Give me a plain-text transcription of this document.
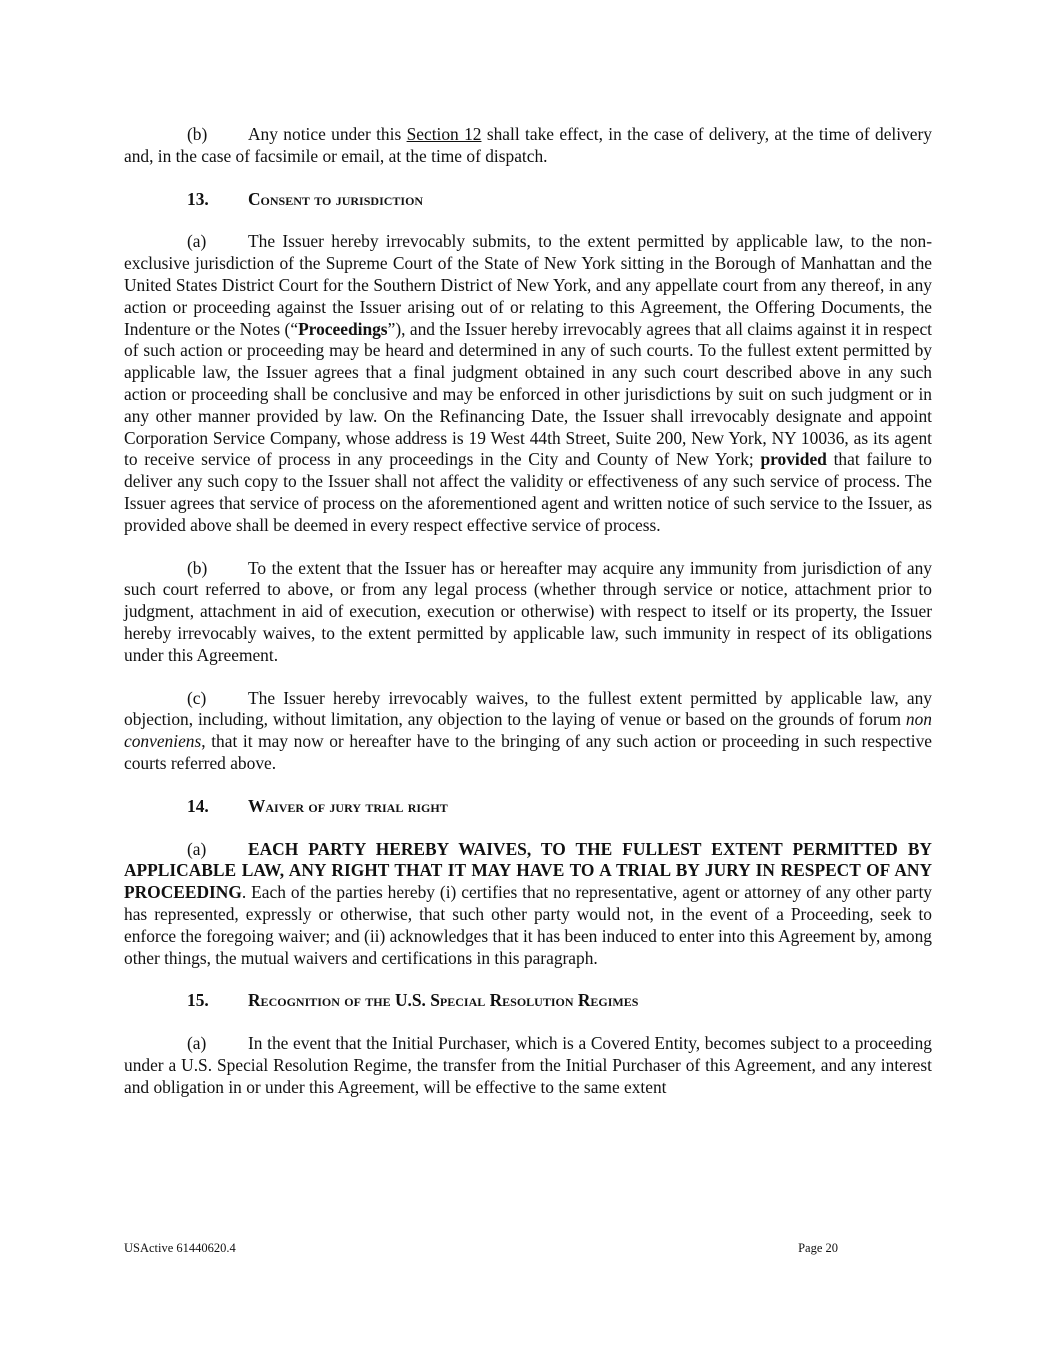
(b) Any notice under this Section 12 shall take effect, in the case of delivery, at the time of delivery and, in the case of facsimile or email, at the time of dispatch.

13. Consent to jurisdiction

(a) The Issuer hereby irrevocably submits, to the extent permitted by applicable law, to the non-exclusive jurisdiction of the Supreme Court of the State of New York sitting in the Borough of Manhattan and the United States District Court for the Southern District of New York, and any appellate court from any thereof, in any action or proceeding against the Issuer arising out of or relating to this Agreement, the Offering Documents, the Indenture or the Notes (“Proceedings”), and the Issuer hereby irrevocably agrees that all claims against it in respect of such action or proceeding may be heard and determined in any of such courts. To the fullest extent permitted by applicable law, the Issuer agrees that a final judgment obtained in any such court described above in any such action or proceeding shall be conclusive and may be enforced in other jurisdictions by suit on such judgment or in any other manner provided by law. On the Refinancing Date, the Issuer shall irrevocably designate and appoint Corporation Service Company, whose address is 19 West 44th Street, Suite 200, New York, NY 10036, as its agent to receive service of process in any proceedings in the City and County of New York; provided that failure to deliver any such copy to the Issuer shall not affect the validity or effectiveness of any such service of process. The Issuer agrees that service of process on the aforementioned agent and written notice of such service to the Issuer, as provided above shall be deemed in every respect effective service of process.

(b) To the extent that the Issuer has or hereafter may acquire any immunity from jurisdiction of any such court referred to above, or from any legal process (whether through service or notice, attachment prior to judgment, attachment in aid of execution, execution or otherwise) with respect to itself or its property, the Issuer hereby irrevocably waives, to the extent permitted by applicable law, such immunity in respect of its obligations under this Agreement.

(c) The Issuer hereby irrevocably waives, to the fullest extent permitted by applicable law, any objection, including, without limitation, any objection to the laying of venue or based on the grounds of forum non conveniens, that it may now or hereafter have to the bringing of any such action or proceeding in such respective courts referred above.

14. Waiver of jury trial right

(a) EACH PARTY HEREBY WAIVES, TO THE FULLEST EXTENT PERMITTED BY APPLICABLE LAW, ANY RIGHT THAT IT MAY HAVE TO A TRIAL BY JURY IN RESPECT OF ANY PROCEEDING. Each of the parties hereby (i) certifies that no representative, agent or attorney of any other party has represented, expressly or otherwise, that such other party would not, in the event of a Proceeding, seek to enforce the foregoing waiver; and (ii) acknowledges that it has been induced to enter into this Agreement by, among other things, the mutual waivers and certifications in this paragraph.

15. Recognition of the U.S. Special Resolution Regimes

(a) In the event that the Initial Purchaser, which is a Covered Entity, becomes subject to a proceeding under a U.S. Special Resolution Regime, the transfer from the Initial Purchaser of this Agreement, and any interest and obligation in or under this Agreement, will be effective to the same extent

USActive 61440620.4	Page 20
